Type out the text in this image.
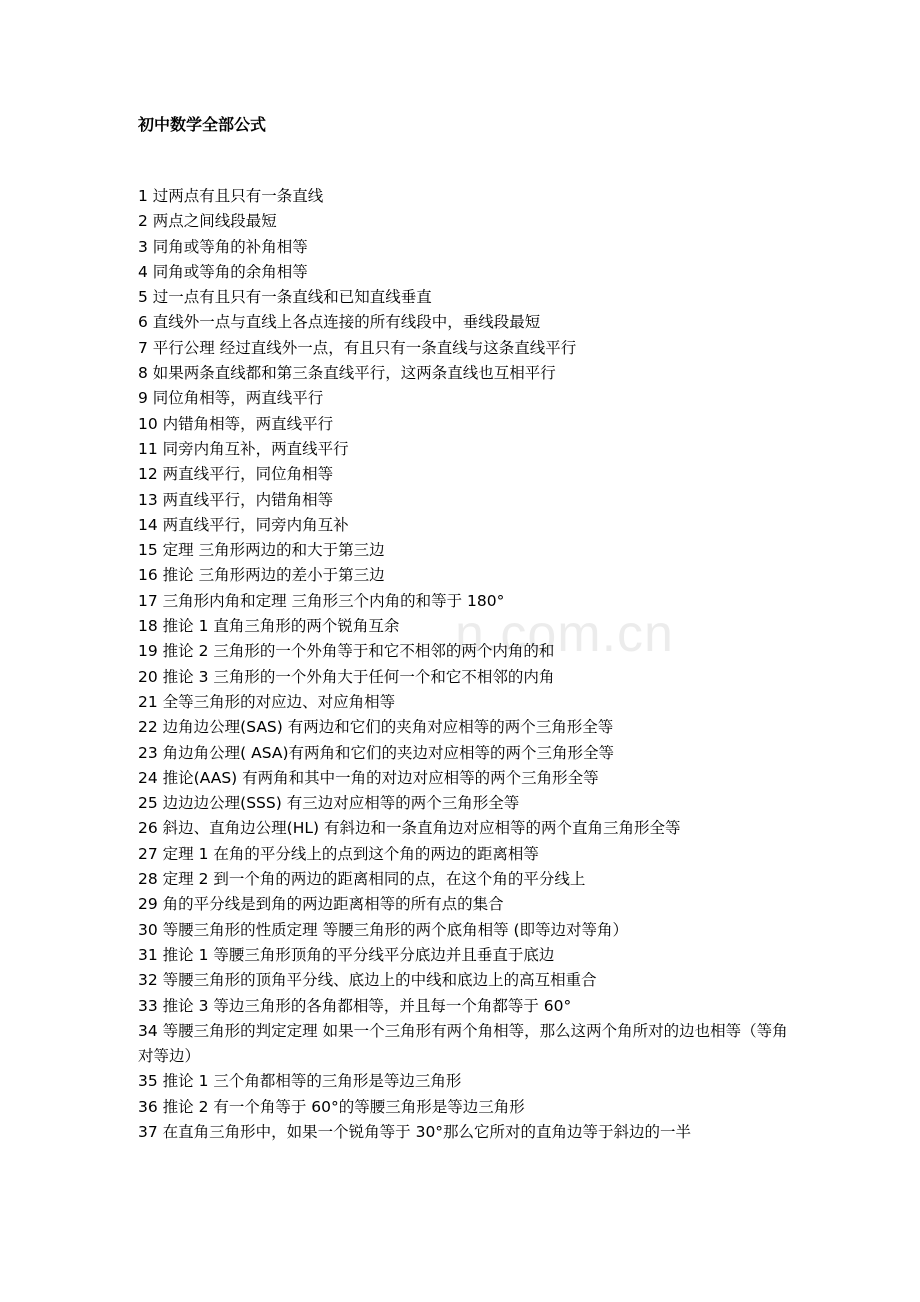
初中数学全部公式
n.com.cn
1 过两点有且只有一条直线
2 两点之间线段最短
3 同角或等角的补角相等
4 同角或等角的余角相等
5 过一点有且只有一条直线和已知直线垂直
6 直线外一点与直线上各点连接的所有线段中，垂线段最短
7 平行公理 经过直线外一点，有且只有一条直线与这条直线平行
8 如果两条直线都和第三条直线平行，这两条直线也互相平行
9 同位角相等，两直线平行
10 内错角相等，两直线平行
11 同旁内角互补，两直线平行
12 两直线平行，同位角相等
13 两直线平行，内错角相等
14 两直线平行，同旁内角互补
15 定理 三角形两边的和大于第三边
16 推论 三角形两边的差小于第三边
17 三角形内角和定理 三角形三个内角的和等于 180°
18 推论 1 直角三角形的两个锐角互余
19 推论 2 三角形的一个外角等于和它不相邻的两个内角的和
20 推论 3 三角形的一个外角大于任何一个和它不相邻的内角
21 全等三角形的对应边、对应角相等
22 边角边公理(SAS) 有两边和它们的夹角对应相等的两个三角形全等
23 角边角公理( ASA)有两角和它们的夹边对应相等的两个三角形全等
24 推论(AAS) 有两角和其中一角的对边对应相等的两个三角形全等
25 边边边公理(SSS) 有三边对应相等的两个三角形全等
26 斜边、直角边公理(HL) 有斜边和一条直角边对应相等的两个直角三角形全等
27 定理 1 在角的平分线上的点到这个角的两边的距离相等
28 定理 2 到一个角的两边的距离相同的点，在这个角的平分线上
29 角的平分线是到角的两边距离相等的所有点的集合
30 等腰三角形的性质定理 等腰三角形的两个底角相等 (即等边对等角）
31 推论 1 等腰三角形顶角的平分线平分底边并且垂直于底边
32 等腰三角形的顶角平分线、底边上的中线和底边上的高互相重合
33 推论 3 等边三角形的各角都相等，并且每一个角都等于 60°
34 等腰三角形的判定定理 如果一个三角形有两个角相等，那么这两个角所对的边也相等（等角对等边）
35 推论 1 三个角都相等的三角形是等边三角形
36 推论 2 有一个角等于 60°的等腰三角形是等边三角形
37 在直角三角形中，如果一个锐角等于 30°那么它所对的直角边等于斜边的一半
